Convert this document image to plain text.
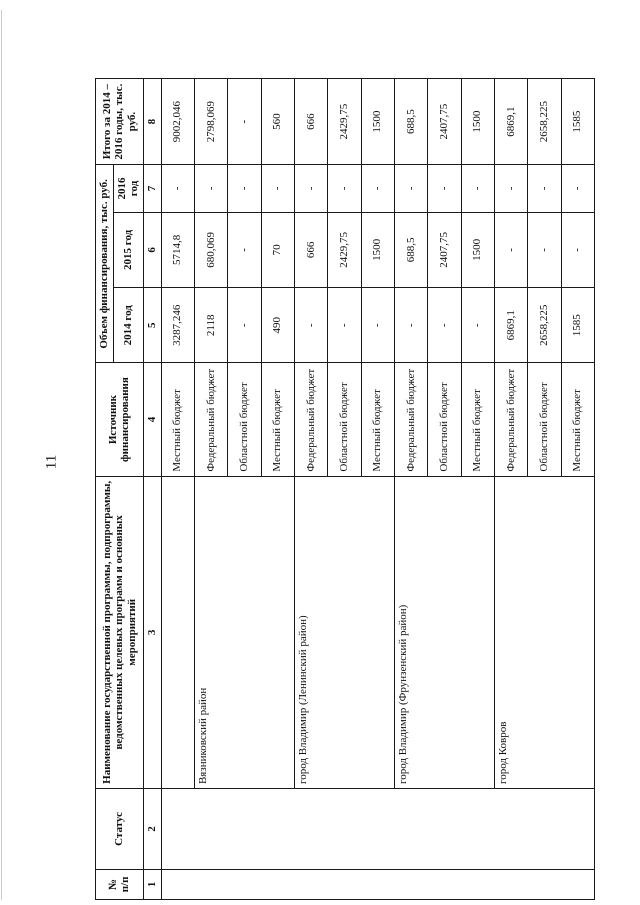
11
№ п/п	Статус	Наименование государственной программы, подпрограммы, ведомственных целевых программ и основных мероприятий	Источник финансирования	Объем финансирования, тыс. руб.			Итого за 2014 – 2016 годы, тыс. руб.
				2014 год	2015 год	2016 год	
1	2	3	4	5	6	7	8
			Местный бюджет	3287,246	5714,8	-	9002,046
		Вязниковский район	Федеральный бюджет	2118	680,069	-	2798,069
			Областной бюджет	-	-	-	-
			Местный бюджет	490	70	-	560
		город Владимир (Ленинский район)	Федеральный бюджет	-	666	-	666
			Областной бюджет	-	2429,75	-	2429,75
			Местный бюджет	-	1500	-	1500
		город Владимир (Фрунзенский район)	Федеральный бюджет	-	688,5	-	688,5
			Областной бюджет	-	2407,75	-	2407,75
			Местный бюджет	-	1500	-	1500
		город Ковров	Федеральный бюджет	6869,1	-	-	6869,1
			Областной бюджет	2658,225	-	-	2658,225
			Местный бюджет	1585	-	-	1585
